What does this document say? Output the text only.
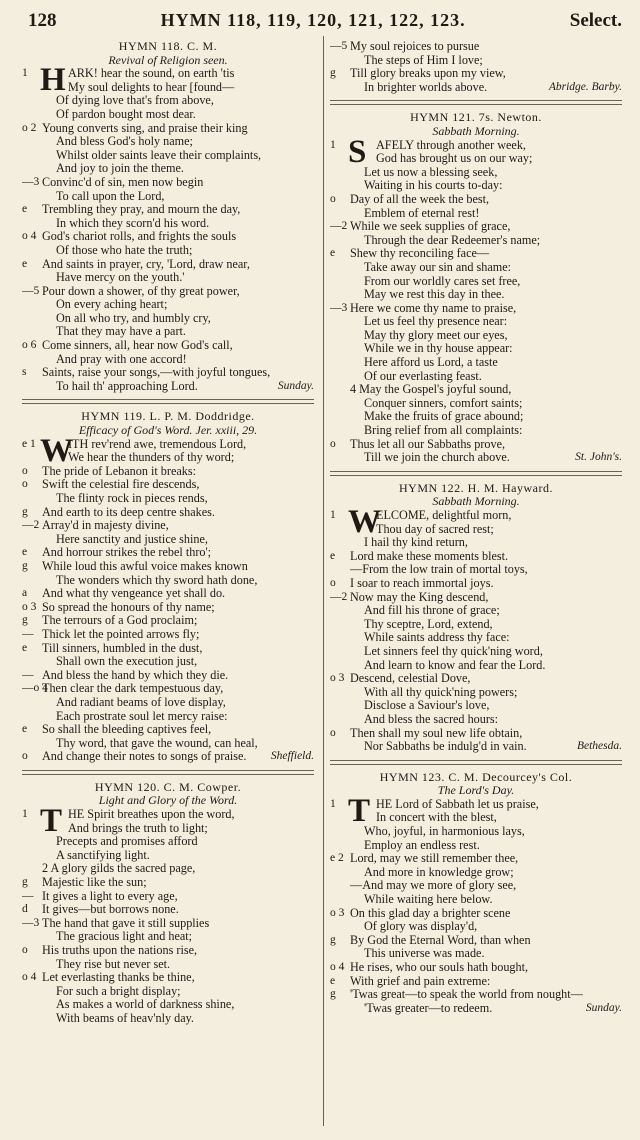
128	HYMN 118, 119, 120, 121, 122, 123.	Select.
HYMN 118. C. M.
Revival of Religion seen.
1 H ARK! hear the sound, on earth 'tis
My soul delights to hear [found—
Of dying love that's from above,
Of pardon bought most dear.
o 2 Young converts sing, and praise their king
And bless God's holy name;
Whilst older saints leave their complaints,
And joy to join the theme.
—3 Convinc'd of sin, men now begin
To call upon the Lord,
e	Trembling they pray, and mourn the day,
In which they scorn'd his word.
o 4 God's chariot rolls, and frights the souls
Of those who hate the truth;
e	And saints in prayer, cry, 'Lord, draw near,
Have mercy on the youth.'
—5 Pour down a shower, of thy great power,
On every aching heart;
On all who try, and humbly cry,
That they may have a part.
o 6 Come sinners, all, hear now God's call,
And pray with one accord!
s	Saints, raise your songs,—with joyful tongues,
To hail th' approaching Lord.	Sunday.
HYMN 119. L. P. M. Doddridge.
Efficacy of God's Word. Jer. xxiii, 29.
e 1 W
ITH rev'rend awe, tremendous Lord,
We hear the thunders of thy word;
o	The pride of Lebanon it breaks:
o	Swift the celestial fire descends,
The flinty rock in pieces rends,
g	And earth to its deep centre shakes.
—2 Array'd in majesty divine,
Here sanctity and justice shine,
e	And horrour strikes the rebel thro';
g	While loud this awful voice makes known
The wonders which thy sword hath done,
a	And what thy vengeance yet shall do.
o 3 So spread the honours of thy name;
g	The terrours of a God proclaim;
— Thick let the pointed arrows fly;
e	Till sinners, humbled in the dust,
Shall own the execution just,
— And bless the hand by which they die.
—o 4
Then clear the dark tempestuous day,
And radiant beams of love display,
Each prostrate soul let mercy raise:
e	So shall the bleeding captives feel,
Thy word, that gave the wound, can heal,
o	And change their notes to songs of praise.	Sheffield.
HYMN 120. C. M. Cowper.
Light and Glory of the Word.
1 T HE Spirit breathes upon the word,
And brings the truth to light;
Precepts and promises afford
A sanctifying light.
2 A glory gilds the sacred page,
g	Majestic like the sun;
— It gives a light to every age,
d	It gives—but borrows none.
—3 The hand that gave it still supplies
The gracious light and heat;
o	His truths upon the nations rise,
They rise but never set.
o 4 Let everlasting thanks be thine,
For such a bright display;
As makes a world of darkness shine,
With beams of heav'nly day.
—5 My soul rejoices to pursue
The steps of Him I love;
g	Till glory breaks upon my view,
In brighter worlds above.	Abridge. Barby.
HYMN 121. 7s. Newton.
Sabbath Morning.
1 S AFELY through another week,
God has brought us on our way;
Let us now a blessing seek,
Waiting in his courts to-day:
o	Day of all the week the best,
Emblem of eternal rest!
—2 While we seek supplies of grace,
Through the dear Redeemer's name;
e	Shew thy reconciling face—
Take away our sin and shame:
From our worldly cares set free,
May we rest this day in thee.
—3 Here we come thy name to praise,
Let us feel thy presence near:
May thy glory meet our eyes,
While we in thy house appear:
Here afford us Lord, a taste
Of our everlasting feast.
4 May the Gospel's joyful sound,
Conquer sinners, comfort saints;
Make the fruits of grace abound;
Bring relief from all complaints:
o	Thus let all our Sabbaths prove,
Till we join the church above.	St. John's.
HYMN 122. H. M. Hayward.
Sabbath Morning.
1 W
ELCOME, delightful morn,
Thou day of sacred rest;
I hail thy kind return,
e	Lord make these moments blest.
—From the low train of mortal toys,
o	I soar to reach immortal joys.
—2 Now may the King descend,
And fill his throne of grace;
Thy sceptre, Lord, extend,
While saints address thy face:
Let sinners feel thy quick'ning word,
And learn to know and fear the Lord.
o 3 Descend, celestial Dove,
With all thy quick'ning powers;
Disclose a Saviour's love,
And bless the sacred hours:
o	Then shall my soul new life obtain,
Nor Sabbaths be indulg'd in vain.	Bethesda.
HYMN 123. C. M. Decourcey's Col.
The Lord's Day.
1 T HE Lord of Sabbath let us praise,
In concert with the blest,
Who, joyful, in harmonious lays,
Employ an endless rest.
e 2 Lord, may we still remember thee,
And more in knowledge grow;
—And may we more of glory see,
While waiting here below.
o 3 On this glad day a brighter scene
Of glory was display'd,
g	By God the Eternal Word, than when
This universe was made.
o 4 He rises, who our souls hath bought,
e	With grief and pain extreme:
g	'Twas great—to speak the world from nought—
'Twas greater—to redeem.	Sunday.
